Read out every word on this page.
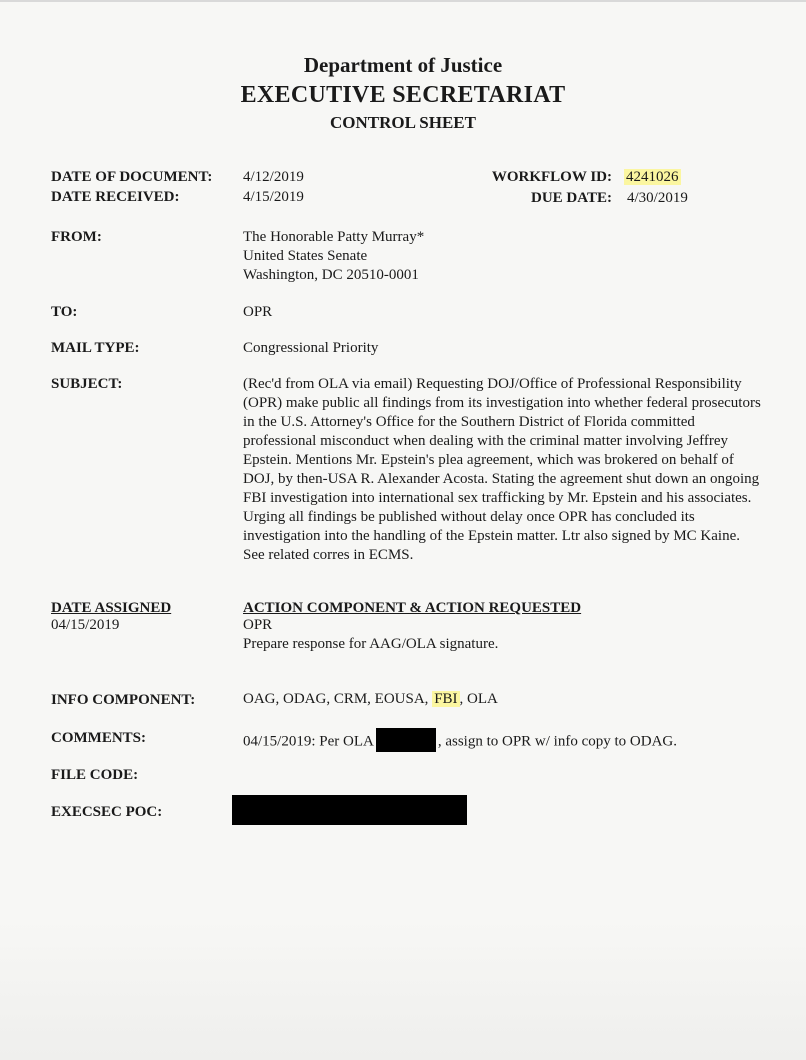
Department of Justice

EXECUTIVE SECRETARIAT

CONTROL SHEET

DATE OF DOCUMENT: 4/12/2019
DATE RECEIVED:	4/15/2019
WORKFLOW ID: 4241026
DUE DATE: 4/30/2019
FROM:	The Honorable Patty Murray*
United States Senate
Washington, DC 20510-0001
TO:	OPR
MAIL TYPE:	Congressional Priority
SUBJECT:	(Rec'd from OLA via email) Requesting DOJ/Office of Professional Responsibility (OPR) make public all findings from its investigation into whether federal prosecutors in the U.S. Attorney's Office for the Southern District of Florida committed professional misconduct when dealing with the criminal matter involving Jeffrey Epstein. Mentions Mr. Epstein's plea agreement, which was brokered on behalf of DOJ, by then-USA R. Alexander Acosta. Stating the agreement shut down an ongoing FBI investigation into international sex trafficking by Mr. Epstein and his associates. Urging all findings be published without delay once OPR has concluded its investigation into the handling of the Epstein matter. Ltr also signed by MC Kaine. See related corres in ECMS.
DATE ASSIGNED
04/15/2019
ACTION COMPONENT & ACTION REQUESTED
OPR
Prepare response for AAG/OLA signature.
INFO COMPONENT:	OAG, ODAG, CRM, EOUSA, FBI , OLA
COMMENTS:	04/15/2019: Per OLA	, assign to OPR w/ info copy to ODAG.
FILE CODE:
EXECSEC POC:
